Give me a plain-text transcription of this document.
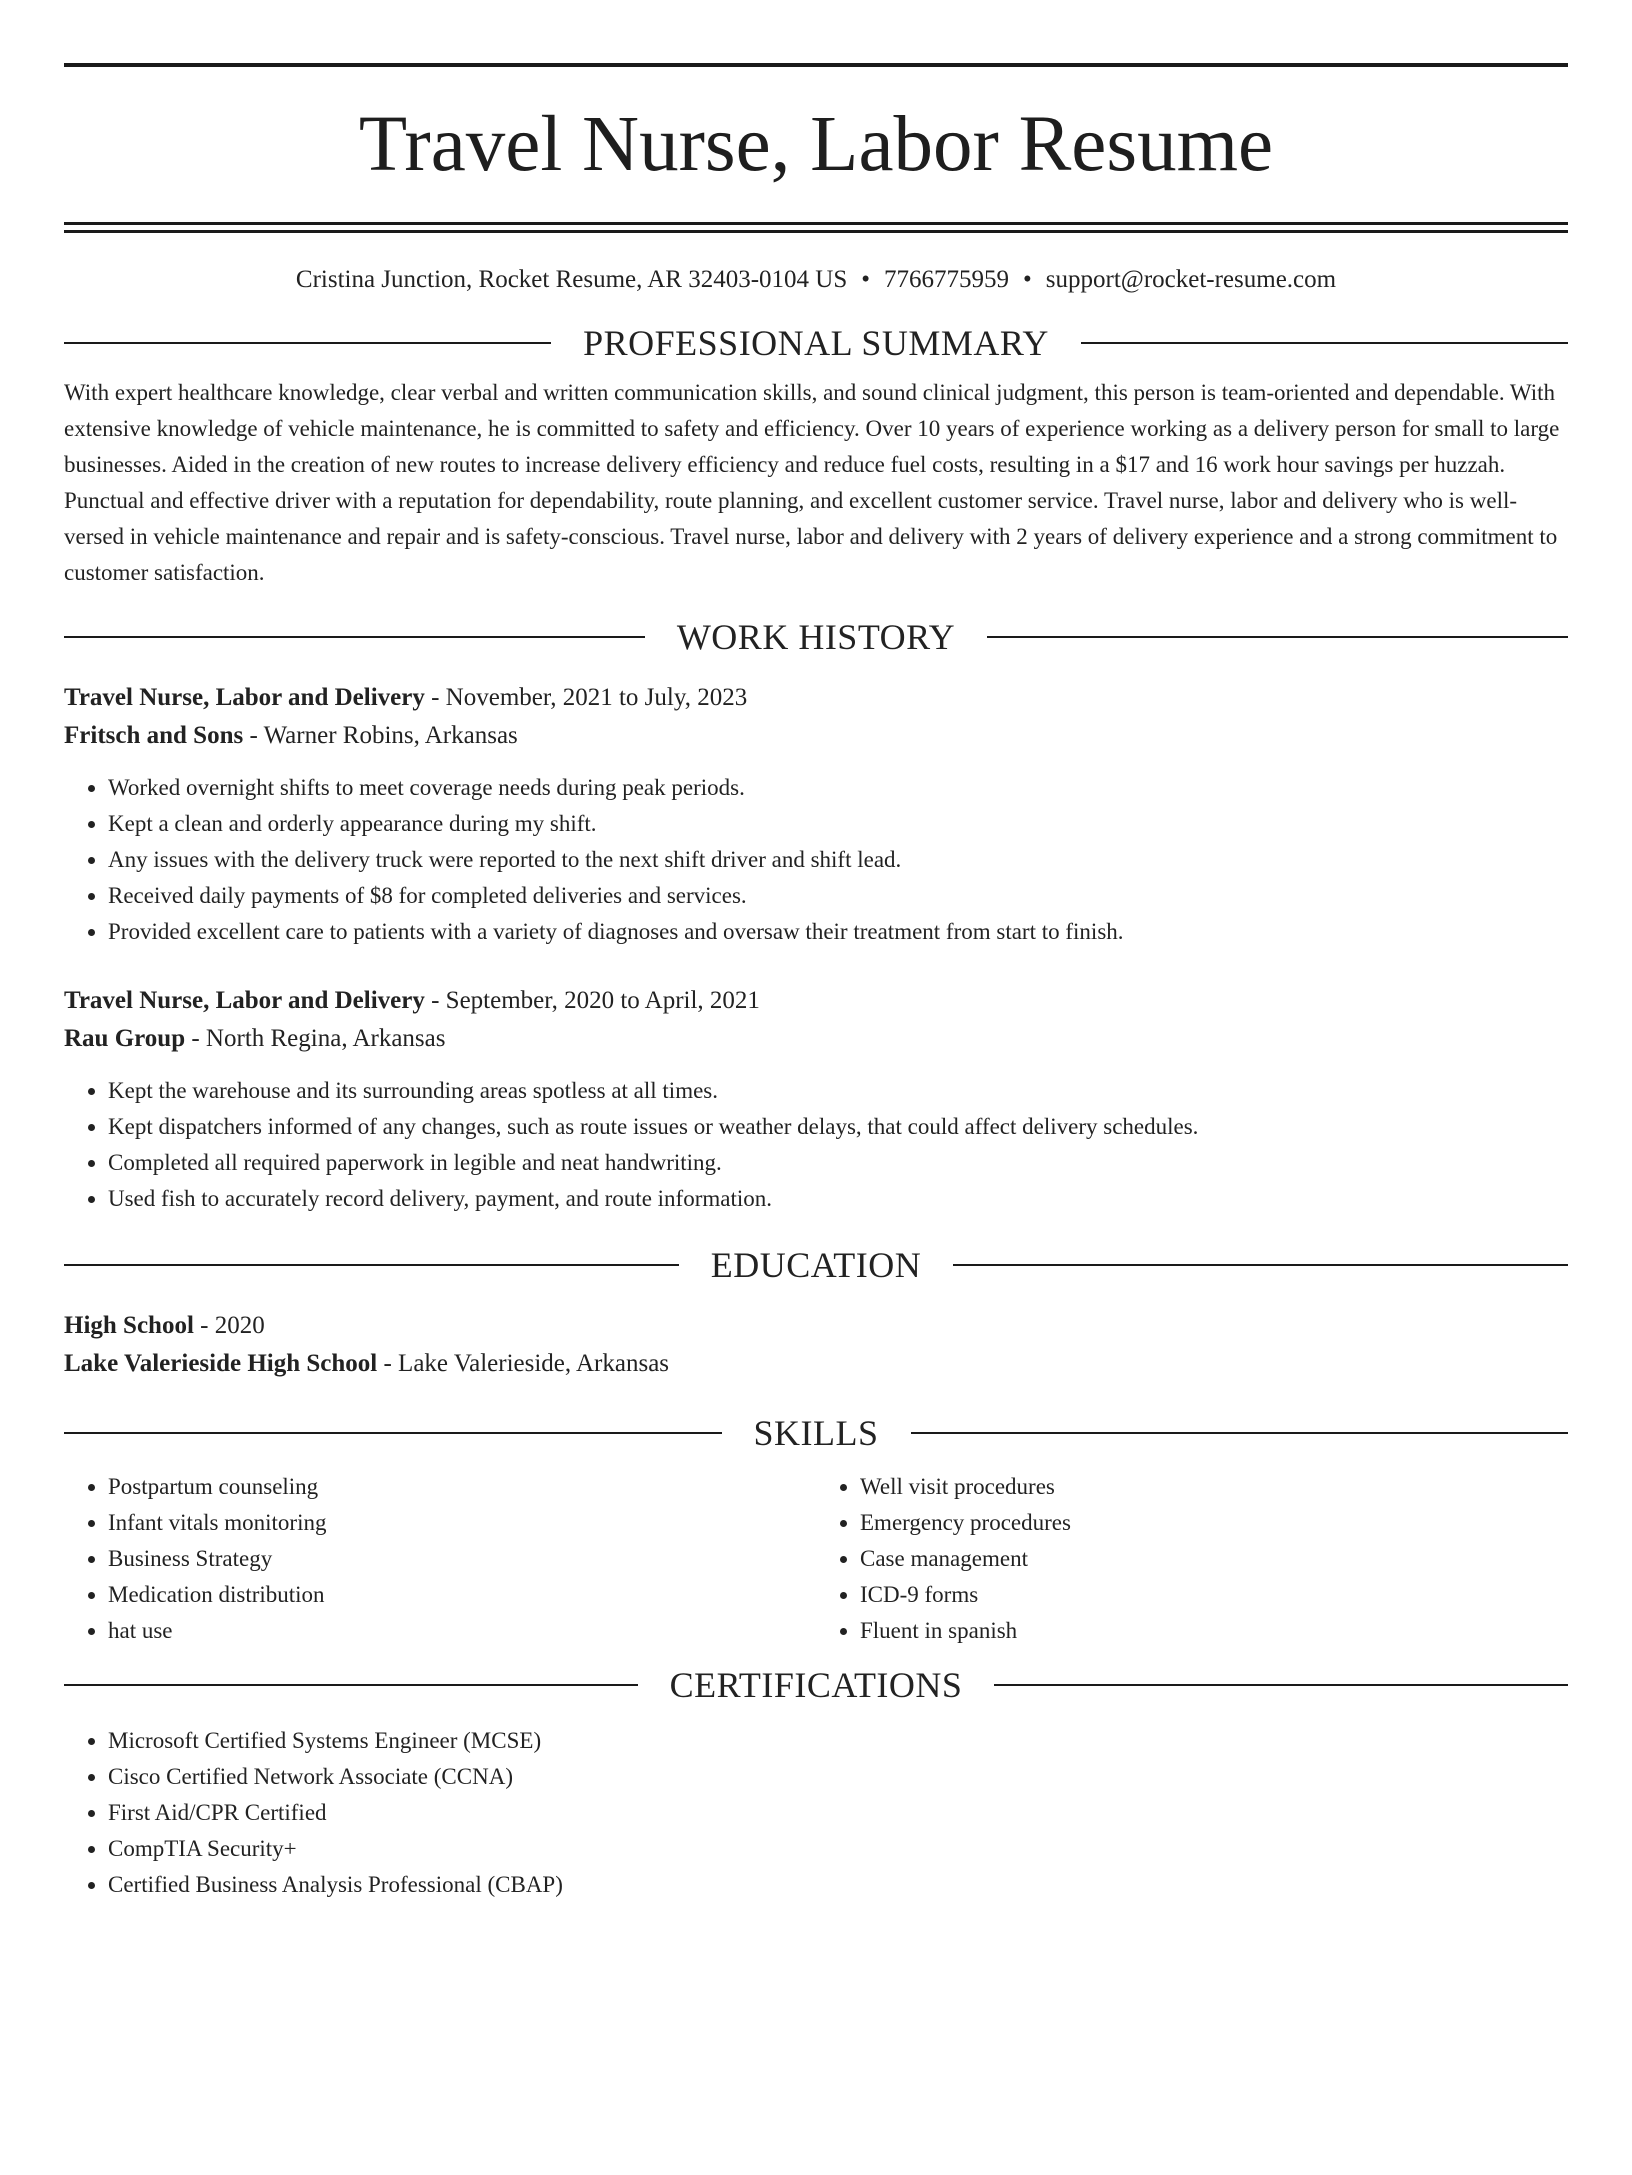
Travel Nurse, Labor Resume
Cristina Junction, Rocket Resume, AR 32403-0104 US • 7766775959 • support@rocket-resume.com
PROFESSIONAL SUMMARY

With expert healthcare knowledge, clear verbal and written communication skills, and sound clinical judgment, this person is team-oriented and dependable. With extensive knowledge of vehicle maintenance, he is committed to safety and efficiency. Over 10 years of experience working as a delivery person for small to large businesses. Aided in the creation of new routes to increase delivery efficiency and reduce fuel costs, resulting in a $17 and 16 work hour savings per huzzah. Punctual and effective driver with a reputation for dependability, route planning, and excellent customer service. Travel nurse, labor and delivery who is well-versed in vehicle maintenance and repair and is safety-conscious. Travel nurse, labor and delivery with 2 years of delivery experience and a strong commitment to customer satisfaction.

WORK HISTORY
Travel Nurse, Labor and Delivery - November, 2021 to July, 2023
Fritsch and Sons - Warner Robins, Arkansas
• Worked overnight shifts to meet coverage needs during peak periods.
• Kept a clean and orderly appearance during my shift.
• Any issues with the delivery truck were reported to the next shift driver and shift lead.
• Received daily payments of $8 for completed deliveries and services.
• Provided excellent care to patients with a variety of diagnoses and oversaw their treatment from start to finish.
Travel Nurse, Labor and Delivery - September, 2020 to April, 2021
Rau Group - North Regina, Arkansas
• Kept the warehouse and its surrounding areas spotless at all times.
• Kept dispatchers informed of any changes, such as route issues or weather delays, that could affect delivery schedules.
• Completed all required paperwork in legible and neat handwriting.
• Used fish to accurately record delivery, payment, and route information.
EDUCATION
High School - 2020
Lake Valerieside High School - Lake Valerieside, Arkansas
SKILLS
• Postpartum counseling
• Infant vitals monitoring
• Business Strategy
• Medication distribution
• hat use
• Well visit procedures
• Emergency procedures
• Case management
• ICD-9 forms
• Fluent in spanish
CERTIFICATIONS
• Microsoft Certified Systems Engineer (MCSE)
• Cisco Certified Network Associate (CCNA)
• First Aid/CPR Certified
• CompTIA Security+
• Certified Business Analysis Professional (CBAP)
